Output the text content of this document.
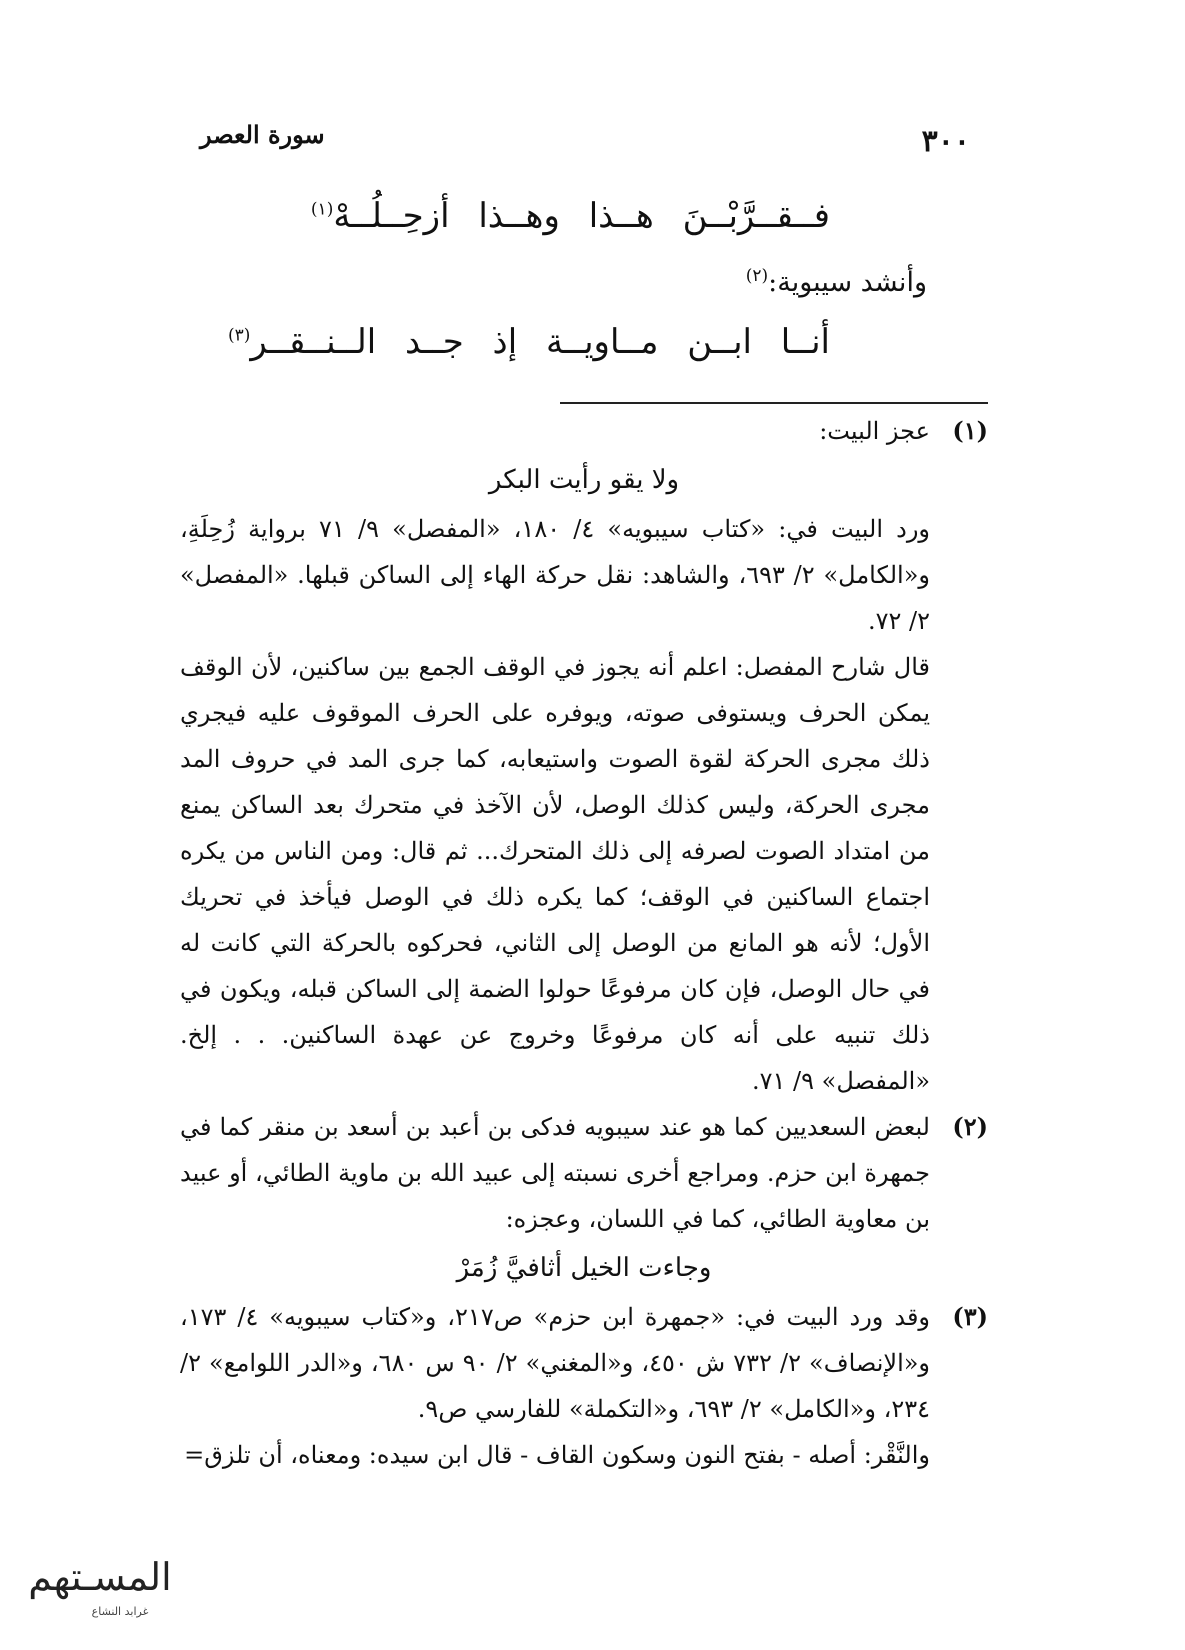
سورة العصر	٣٠٠
فــقــرَّبْــنَ هــذا وهــذا أزحِــلُــهْ$^{(١)}$
وأنشد سيبوية:$^{(٢)}$
أنــا ابــن مــاويــة إذ جــد الــنــقــر$^{(٣)}$
(١)
عجز البيت:
ولا يقو رأيت البكر
ورد البيت في: «كتاب سيبويه» ٤/ ١٨٠، «المفصل» ٩/ ٧١ برواية زُحِلَةِ، و«الكامل» ٢/ ٦٩٣، والشاهد: نقل حركة الهاء إلى الساكن قبلها. «المفصل» ٢/ ٧٢.
قال شارح المفصل: اعلم أنه يجوز في الوقف الجمع بين ساكنين، لأن الوقف يمكن الحرف ويستوفى صوته، ويوفره على الحرف الموقوف عليه فيجري ذلك مجرى الحركة لقوة الصوت واستيعابه، كما جرى المد في حروف المد مجرى الحركة، وليس كذلك الوصل، لأن الآخذ في متحرك بعد الساكن يمنع من امتداد الصوت لصرفه إلى ذلك المتحرك... ثم قال: ومن الناس من يكره اجتماع الساكنين في الوقف؛ كما يكره ذلك في الوصل فيأخذ في تحريك الأول؛ لأنه هو المانع من الوصل إلى الثاني، فحركوه بالحركة التي كانت له في حال الوصل، فإن كان مرفوعًا حولوا الضمة إلى الساكن قبله، ويكون في ذلك تنبيه على أنه كان مرفوعًا وخروج عن عهدة الساكنين. . . إلخ. «المفصل» ٩/ ٧١.
(٢)
لبعض السعديين كما هو عند سيبويه فدكى بن أعبد بن أسعد بن منقر كما في جمهرة ابن حزم. ومراجع أخرى نسبته إلى عبيد الله بن ماوية الطائي، أو عبيد بن معاوية الطائي، كما في اللسان، وعجزه:
وجاءت الخيل أثافيَّ زُمَرْ
(٣)
وقد ورد البيت في: «جمهرة ابن حزم» ص٢١٧، و«كتاب سيبويه» ٤/ ١٧٣، و«الإنصاف» ٢/ ٧٣٢ ش ٤٥٠، و«المغني» ٢/ ٩٠ س ٦٨٠، و«الدر اللوامع» ٢/ ٢٣٤، و«الكامل» ٢/ ٦٩٣، و«التكملة» للفارسي ص٩.
والنَّقْر: أصله - بفتح النون وسكون القاف - قال ابن سيده: ومعناه، أن تلزق=
المسـتهم
غرابد النشاع
